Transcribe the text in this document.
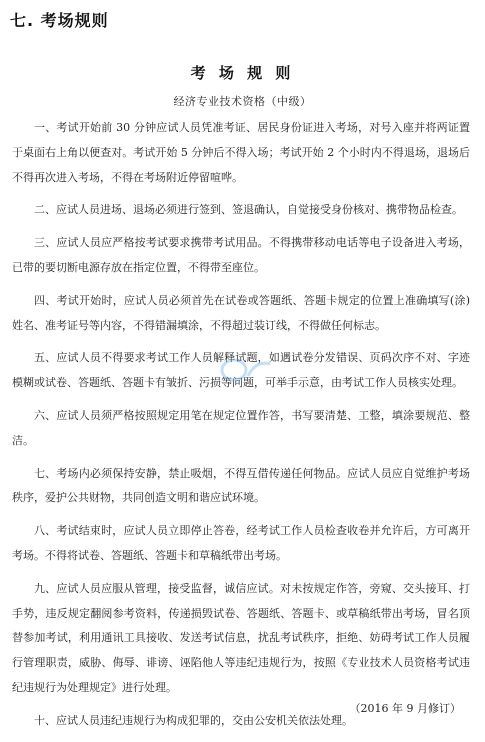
七. 考场规则
考 场 规 则
经济专业技术资格（中级）

一、考试开始前 30 分钟应试人员凭准考证、居民身份证进入考场，对号入座并将两证置于桌面右上角以便查对。考试开始 5 分钟后不得入场；考试开始 2 个小时内不得退场，退场后不得再次进入考场，不得在考场附近停留喧哗。

二、应试人员进场、退场必须进行签到、签退确认，自觉接受身份核对、携带物品检查。

三、应试人员应严格按考试要求携带考试用品。不得携带移动电话等电子设备进入考场，已带的要切断电源存放在指定位置，不得带至座位。

四、考试开始时，应试人员必须首先在试卷或答题纸、答题卡规定的位置上准确填写(涂)姓名、准考证号等内容，不得错漏填涂，不得超过装订线，不得做任何标志。

五、应试人员不得要求考试工作人员解释试题，如遇试卷分发错误、页码次序不对、字迹模糊或试卷、答题纸、答题卡有皱折、污损等问题，可举手示意，由考试工作人员核实处理。

六、应试人员须严格按照规定用笔在规定位置作答，书写要清楚、工整，填涂要规范、整洁。

七、考场内必须保持安静，禁止吸烟，不得互借传递任何物品。应试人员应自觉维护考场秩序，爱护公共财物，共同创造文明和谐应试环境。

八、考试结束时，应试人员立即停止答卷，经考试工作人员检查收卷并允许后，方可离开考场。不得将试卷、答题纸、答题卡和草稿纸带出考场。

九、应试人员应服从管理，接受监督，诚信应试。对未按规定作答，旁窥、交头接耳、打手势，违反规定翻阅参考资料，传递损毁试卷、答题纸、答题卡、或草稿纸带出考场，冒名顶替参加考试，利用通讯工具接收、发送考试信息，扰乱考试秩序，拒绝、妨碍考试工作人员履行管理职责，威胁、侮辱、诽谤、诬陷他人等违纪违规行为，按照《专业技术人员资格考试违纪违规行为处理规定》进行处理。

十、应试人员违纪违规行为构成犯罪的，交由公安机关依法处理。

（2016 年 9 月修订）
